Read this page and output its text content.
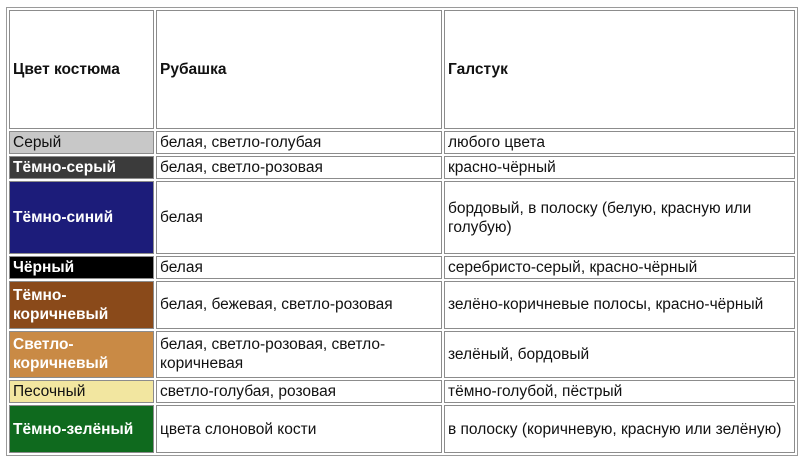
Цвет костюма	Рубашка	Галстук
Серый	белая, светло-голубая	любого цвета
Тёмно-серый	белая, светло-розовая	красно-чёрный
Тёмно-синий	белая	бордовый, в полоску (белую, красную или голубую)
Чёрный	белая	серебристо-серый, красно-чёрный
Тёмно-коричневый	белая, бежевая, светло-розовая	зелёно-коричневые полосы, красно-чёрный
Светло-коричневый	белая, светло-розовая, светло-коричневая	зелёный, бордовый
Песочный	светло-голубая, розовая	тёмно-голубой, пёстрый
Тёмно-зелёный	цвета слоновой кости	в полоску (коричневую, красную или зелёную)
